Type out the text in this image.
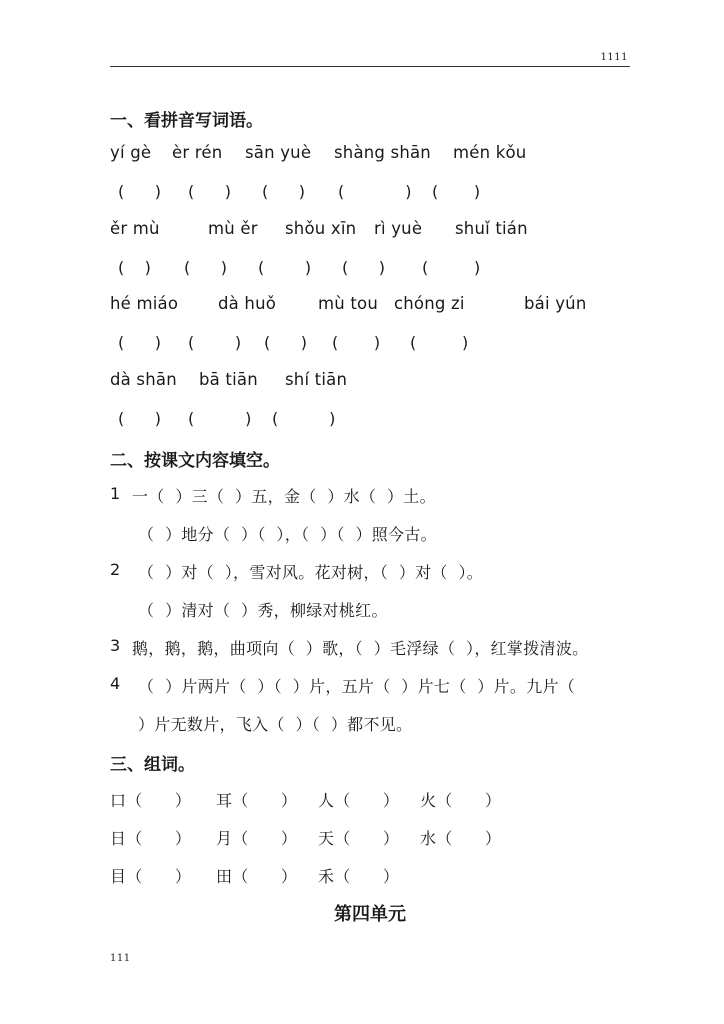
1111
一、看拼音写词语。
yí gè èr rén sān yuè shàng shān mén kǒu
(      ) (      ) (      ) (            ) (       )
ěr mù	mù ěr shǒu xīn rì yuè shuǐ tián
(    ) (      ) (        ) (      ) (         )
hé miáo dà huǒ	mù tou chóng zi	bái yún
(      ) (        ) (      ) (       ) (         )
dà shān bā tiān shí tiān
(      ) (          ) (          )
二、按课文内容填空。
1 一（  ）三（  ）五，金（  ）水（  ）土。
（  ）地分（  ）（  ），（  ）（  ）照今古。
2 （  ）对（  ），雪对风。花对树，（  ）对（  ）。
（  ）清对（  ）秀，柳绿对桃红。
3 鹅，鹅，鹅，曲项向（  ）歌，（  ）毛浮绿（  ），红掌拨清波。
4 （  ）片两片（  ）（  ）片，五片（  ）片七（  ）片。九片（
）片无数片，飞入（  ）（  ）都不见。
三、组词。
口（      ） 耳（      ） 人（      ） 火（      ）
日（      ） 月（      ） 天（      ） 水（      ）
目（      ） 田（      ） 禾（      ）
第四单元
111
